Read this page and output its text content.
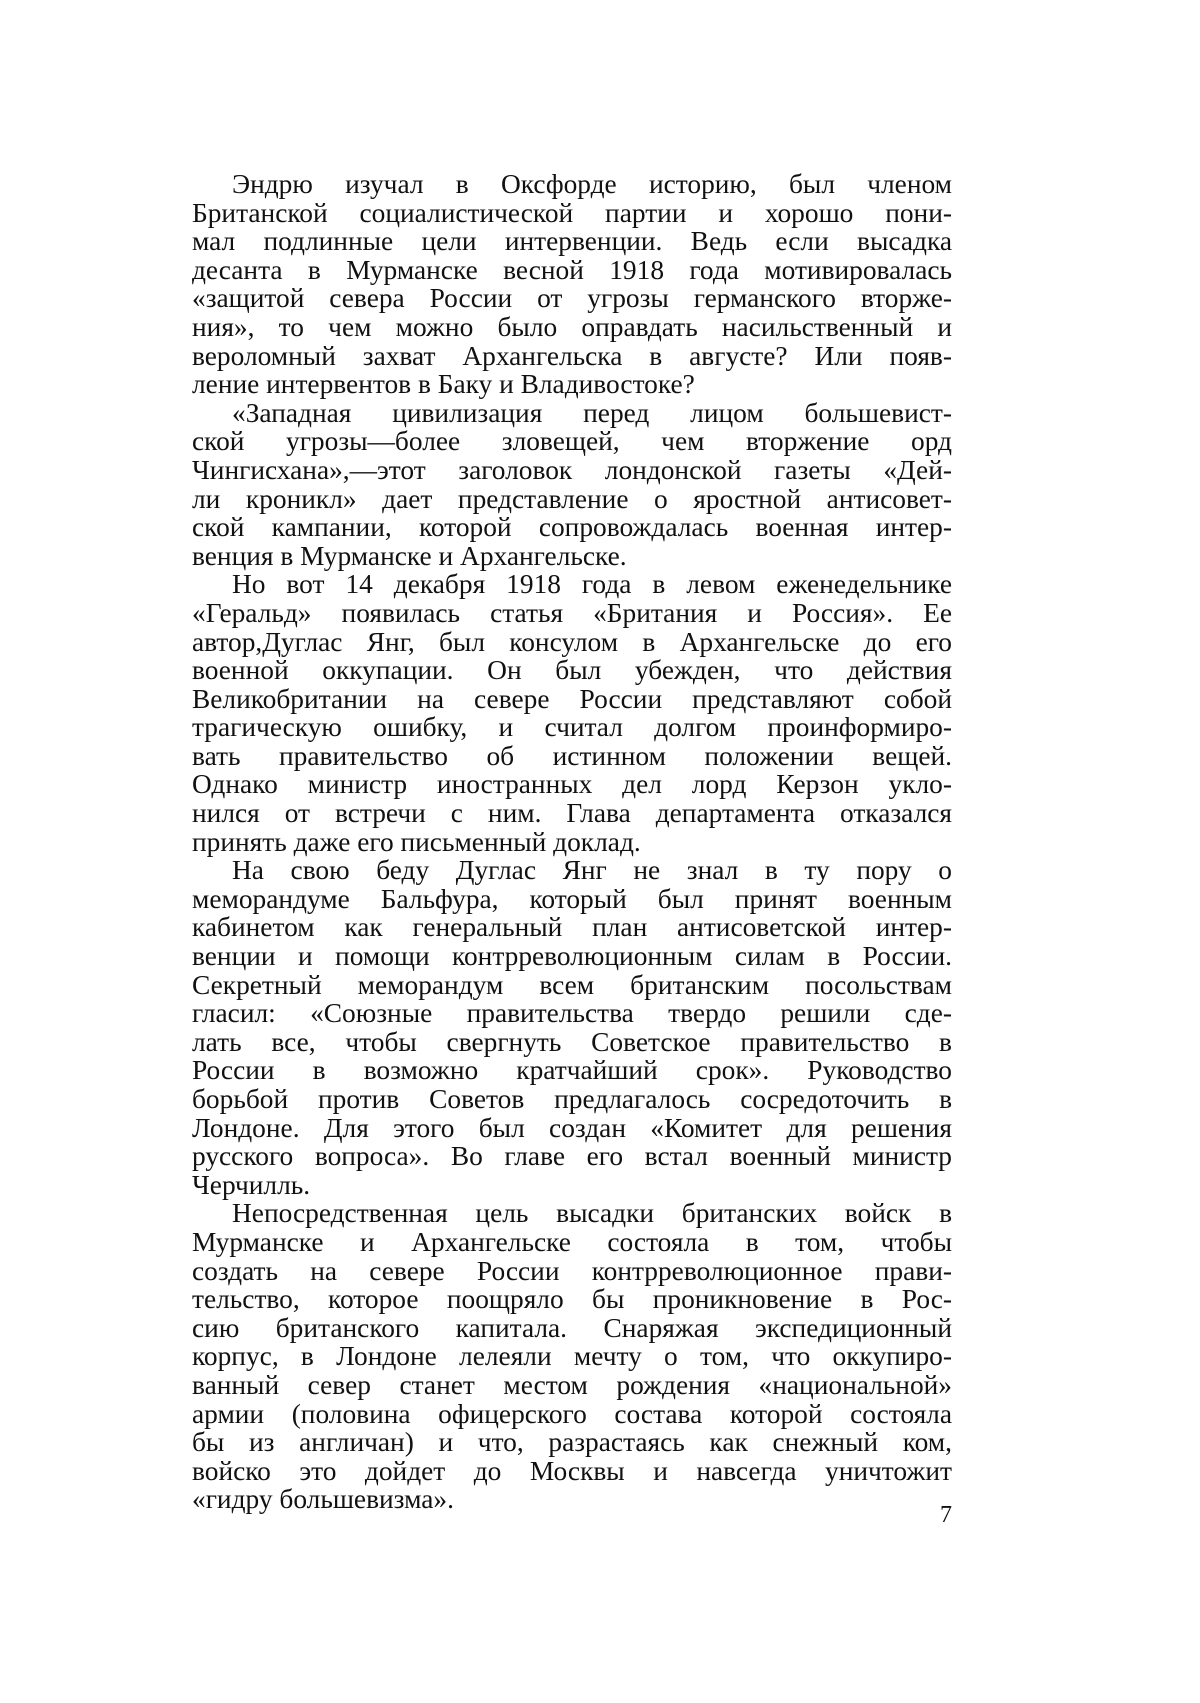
Эндрю изучал в Оксфорде историю, был членом
Британской социалистической партии и хорошо пони-
мал подлинные цели интервенции. Ведь если высадка
десанта в Мурманске весной 1918 года мотивировалась
«защитой севера России от угрозы германского вторже-
ния», то чем можно было оправдать насильственный и
вероломный захват Архангельска в августе? Или появ-
ление интервентов в Баку и Владивостоке?

«Западная цивилизация перед лицом большевист-
ской угрозы—более зловещей, чем вторжение орд
Чингисхана»,—этот заголовок лондонской газеты «Дей-
ли кроникл» дает представление о яростной антисовет-
ской кампании, которой сопровождалась военная интер-
венция в Мурманске и Архангельске.

Но вот 14 декабря 1918 года в левом еженедельнике
«Геральд» появилась статья «Британия и Россия». Ее
автор,Дуглас Янг, был консулом в Архангельске до его
военной оккупации. Он был убежден, что действия
Великобритании на севере России представляют собой
трагическую ошибку, и считал долгом проинформиро-
вать правительство об истинном положении вещей.
Однако министр иностранных дел лорд Керзон укло-
нился от встречи с ним. Глава департамента отказался
принять даже его письменный доклад.

На свою беду Дуглас Янг не знал в ту пору о
меморандуме Бальфура, который был принят военным
кабинетом как генеральный план антисоветской интер-
венции и помощи контрреволюционным силам в России.
Секретный меморандум всем британским посольствам
гласил: «Союзные правительства твердо решили сде-
лать все, чтобы свергнуть Советское правительство в
России в возможно кратчайший срок». Руководство
борьбой против Советов предлагалось сосредоточить в
Лондоне. Для этого был создан «Комитет для решения
русского вопроса». Во главе его встал военный министр
Черчилль.

Непосредственная цель высадки британских войск в
Мурманске и Архангельске состояла в том, чтобы
создать на севере России контрреволюционное прави-
тельство, которое поощряло бы проникновение в Рос-
сию британского капитала. Снаряжая экспедиционный
корпус, в Лондоне лелеяли мечту о том, что оккупиро-
ванный север станет местом рождения «национальной»
армии (половина офицерского состава которой состояла
бы из англичан) и что, разрастаясь как снежный ком,
войско это дойдет до Москвы и навсегда уничтожит
«гидру большевизма».

7
